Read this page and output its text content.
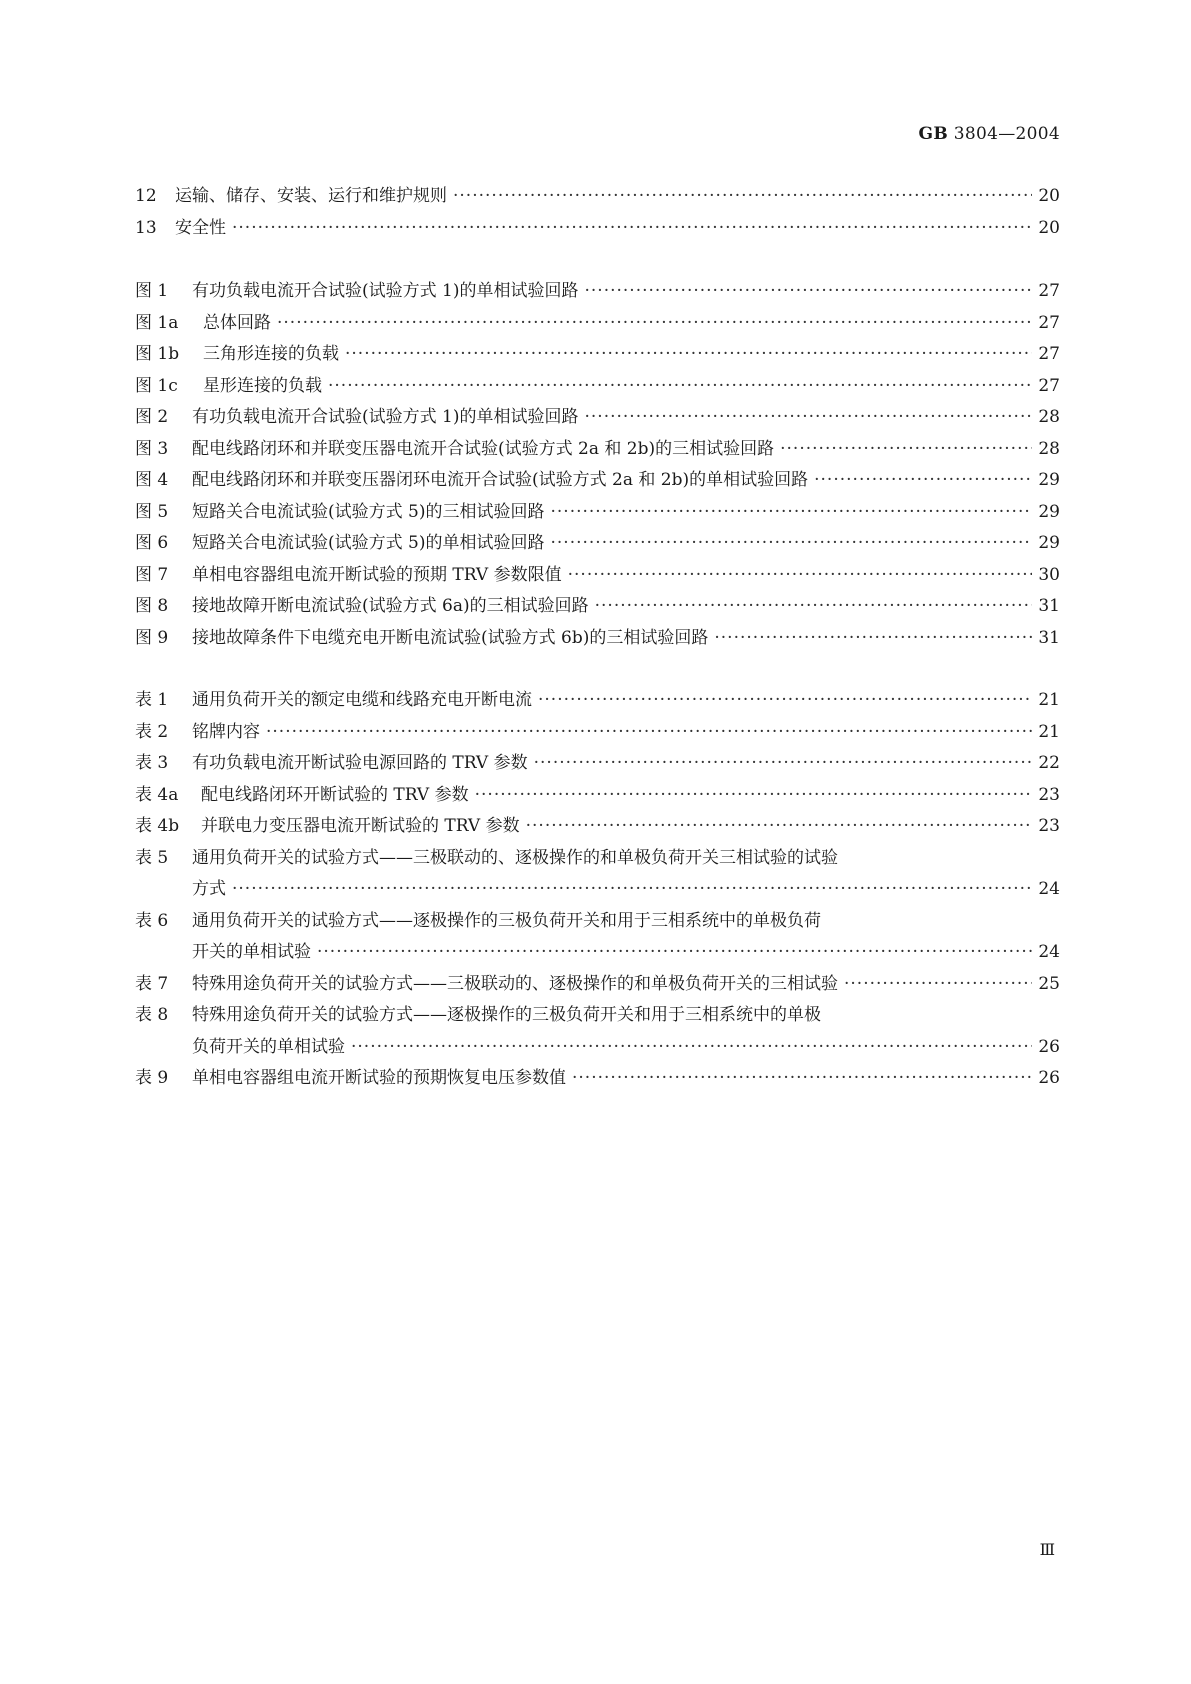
GB 3804—2004
12	运输、储存、安装、运行和维护规则 ·····	20
13	安全性 ·····	20
图 1	有功负载电流开合试验(试验方式 1)的单相试验回路 ·····	27
图 1a	总体回路 ·····	27
图 1b	三角形连接的负载 ·····	27
图 1c	星形连接的负载 ·····	27
图 2	有功负载电流开合试验(试验方式 1)的单相试验回路 ·····	28
图 3	配电线路闭环和并联变压器电流开合试验(试验方式 2a 和 2b)的三相试验回路 ·····	28
图 4	配电线路闭环和并联变压器闭环电流开合试验(试验方式 2a 和 2b)的单相试验回路 ·····	29
图 5	短路关合电流试验(试验方式 5)的三相试验回路 ·····	29
图 6	短路关合电流试验(试验方式 5)的单相试验回路 ·····	29
图 7	单相电容器组电流开断试验的预期 TRV 参数限值 ·····	30
图 8	接地故障开断电流试验(试验方式 6a)的三相试验回路 ·····	31
图 9	接地故障条件下电缆充电开断电流试验(试验方式 6b)的三相试验回路 ·····	31
表 1	通用负荷开关的额定电缆和线路充电开断电流 ·····	21
表 2	铭牌内容 ·····	21
表 3	有功负载电流开断试验电源回路的 TRV 参数 ·····	22
表 4a	配电线路闭环开断试验的 TRV 参数 ·····	23
表 4b	并联电力变压器电流开断试验的 TRV 参数 ·····	23
表 5	通用负荷开关的试验方式——三极联动的、逐极操作的和单极负荷开关三相试验的试验
方式 ·····	24
表 6	通用负荷开关的试验方式——逐极操作的三极负荷开关和用于三相系统中的单极负荷
开关的单相试验 ·····	24
表 7	特殊用途负荷开关的试验方式——三极联动的、逐极操作的和单极负荷开关的三相试验 ·····	25
表 8	特殊用途负荷开关的试验方式——逐极操作的三极负荷开关和用于三相系统中的单极
负荷开关的单相试验 ·····	26
表 9	单相电容器组电流开断试验的预期恢复电压参数值 ·····	26
Ⅲ
